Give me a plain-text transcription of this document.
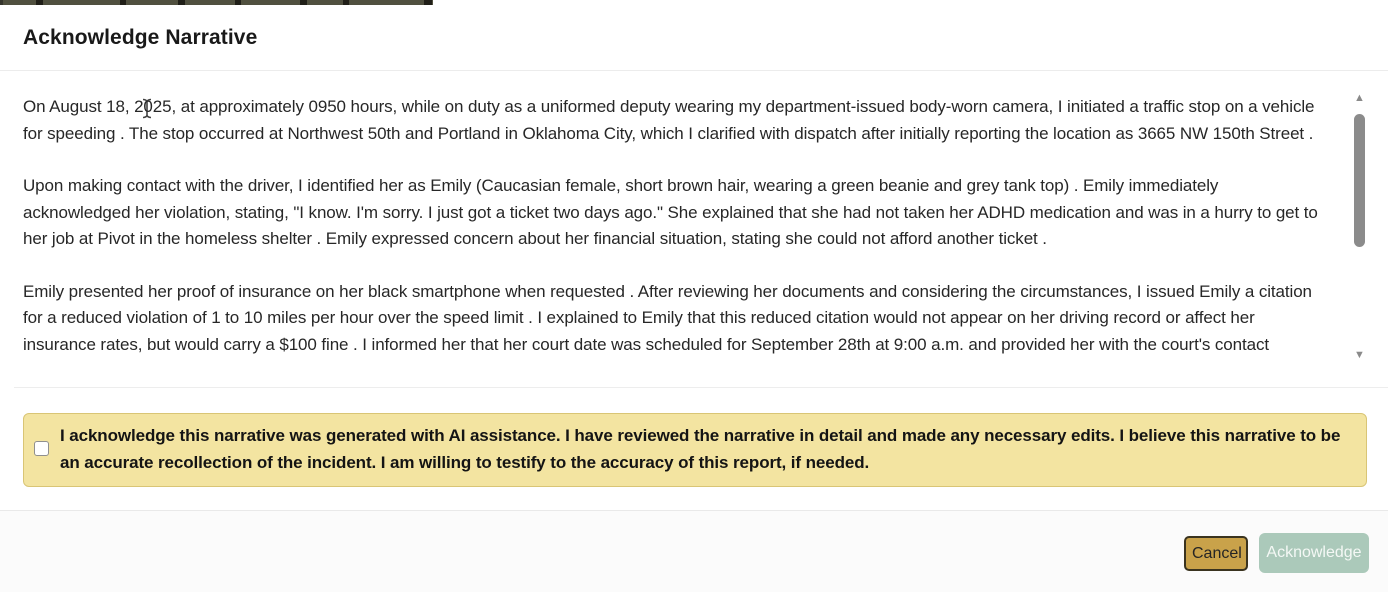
Acknowledge Narrative

On August 18, 2025, at approximately 0950 hours, while on duty as a uniformed deputy wearing my department-issued body-worn camera, I initiated a traffic stop on a vehicle for speeding . The stop occurred at Northwest 50th and Portland in Oklahoma City, which I clarified with dispatch after initially reporting the location as 3665 NW 150th Street .

Upon making contact with the driver, I identified her as Emily (Caucasian female, short brown hair, wearing a green beanie and grey tank top) . Emily immediately acknowledged her violation, stating, "I know. I'm sorry. I just got a ticket two days ago." She explained that she had not taken her ADHD medication and was in a hurry to get to her job at Pivot in the homeless shelter . Emily expressed concern about her financial situation, stating she could not afford another ticket .

Emily presented her proof of insurance on her black smartphone when requested . After reviewing her documents and considering the circumstances, I issued Emily a citation for a reduced violation of 1 to 10 miles per hour over the speed limit . I explained to Emily that this reduced citation would not appear on her driving record or affect her insurance rates, but would carry a $100 fine . I informed her that her court date was scheduled for September 28th at 9:00 a.m. and provided her with the court's contact

▲
▼
I acknowledge this narrative was generated with AI assistance. I have reviewed the narrative in detail and made any necessary edits. I believe this narrative to be an accurate recollection of the incident. I am willing to testify to the accuracy of this report, if needed.
Cancel	Acknowledge
